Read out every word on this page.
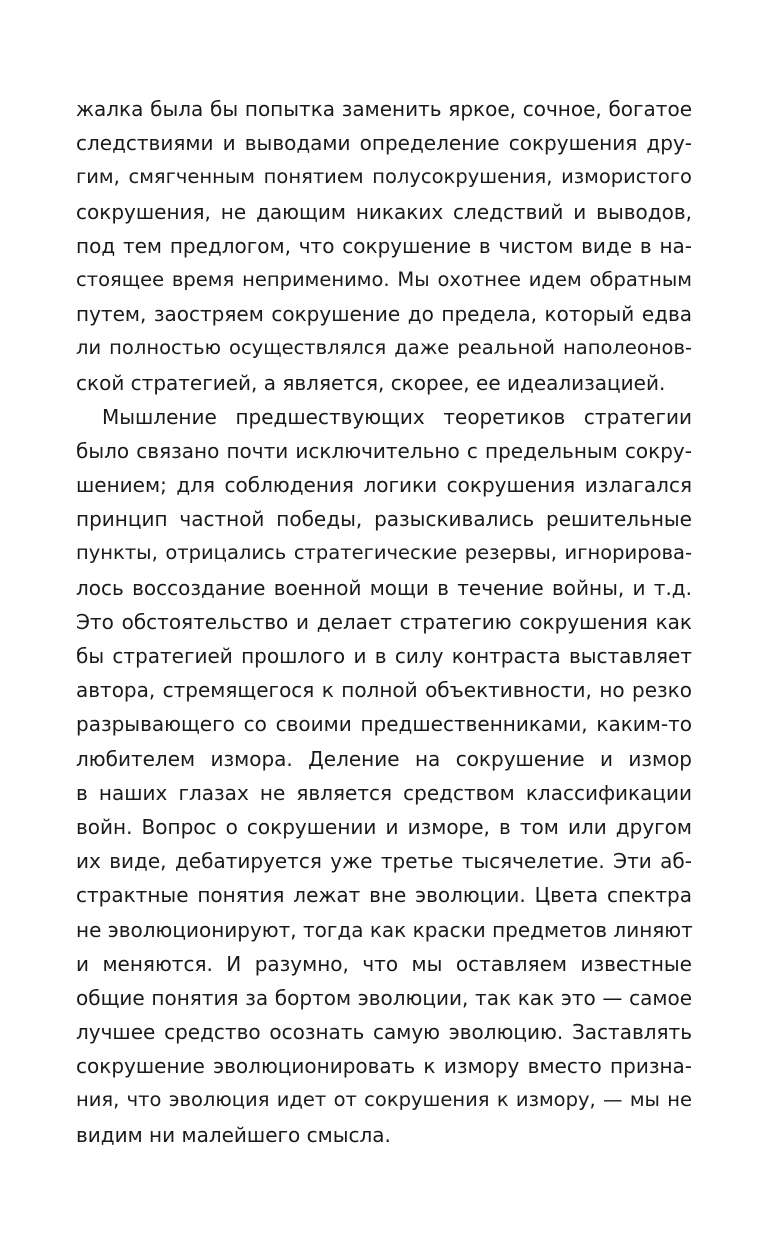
жалка была бы попытка заменить яркое, сочное, богатое
следствиями и выводами определение сокрушения дру-
гим, смягченным понятием полусокрушения, измористого
сокрушения, не дающим никаких следствий и выводов,
под тем предлогом, что сокрушение в чистом виде в на-
стоящее время неприменимо. Мы охотнее идем обратным
путем, заостряем сокрушение до предела, который едва
ли полностью осуществлялся даже реальной наполеонов-
ской стратегией, а является, скорее, ее идеализацией.
Мышление предшествующих теоретиков стратегии
было связано почти исключительно с предельным сокру-
шением; для соблюдения логики сокрушения излагался
принцип частной победы, разыскивались решительные
пункты, отрицались стратегические резервы, игнорирова-
лось воссоздание военной мощи в течение войны, и т.д.
Это обстоятельство и делает стратегию сокрушения как
бы стратегией прошлого и в силу контраста выставляет
автора, стремящегося к полной объективности, но резко
разрывающего со своими предшественниками, каким-то
любителем измора. Деление на сокрушение и измор
в наших глазах не является средством классификации
войн. Вопрос о сокрушении и изморе, в том или другом
их виде, дебатируется уже третье тысячелетие. Эти аб-
страктные понятия лежат вне эволюции. Цвета спектра
не эволюционируют, тогда как краски предметов линяют
и меняются. И разумно, что мы оставляем известные
общие понятия за бортом эволюции, так как это — самое
лучшее средство осознать самую эволюцию. Заставлять
сокрушение эволюционировать к измору вместо призна-
ния, что эволюция идет от сокрушения к измору, — мы не
видим ни малейшего смысла.
